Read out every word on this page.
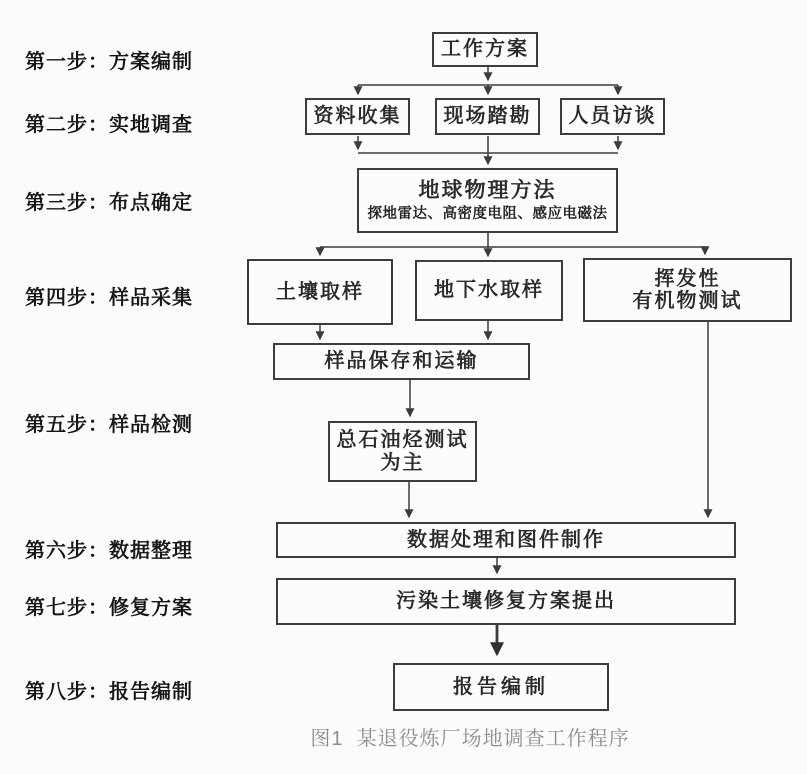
第一步：方案编制
第二步：实地调查
第三步：布点确定
第四步：样品采集
第五步：样品检测
第六步：数据整理
第七步：修复方案
第八步：报告编制
工作方案
资料收集 现场踏勘 人员访谈
地球物理方法
探地雷达、高密度电阻、感应电磁法
土壤取样	地下水取样
挥发性
有机物测试
样品保存和运输
总石油烃测试
为主
数据处理和图件制作
污染土壤修复方案提出
报告编制
图1  某退役炼厂场地调查工作程序
